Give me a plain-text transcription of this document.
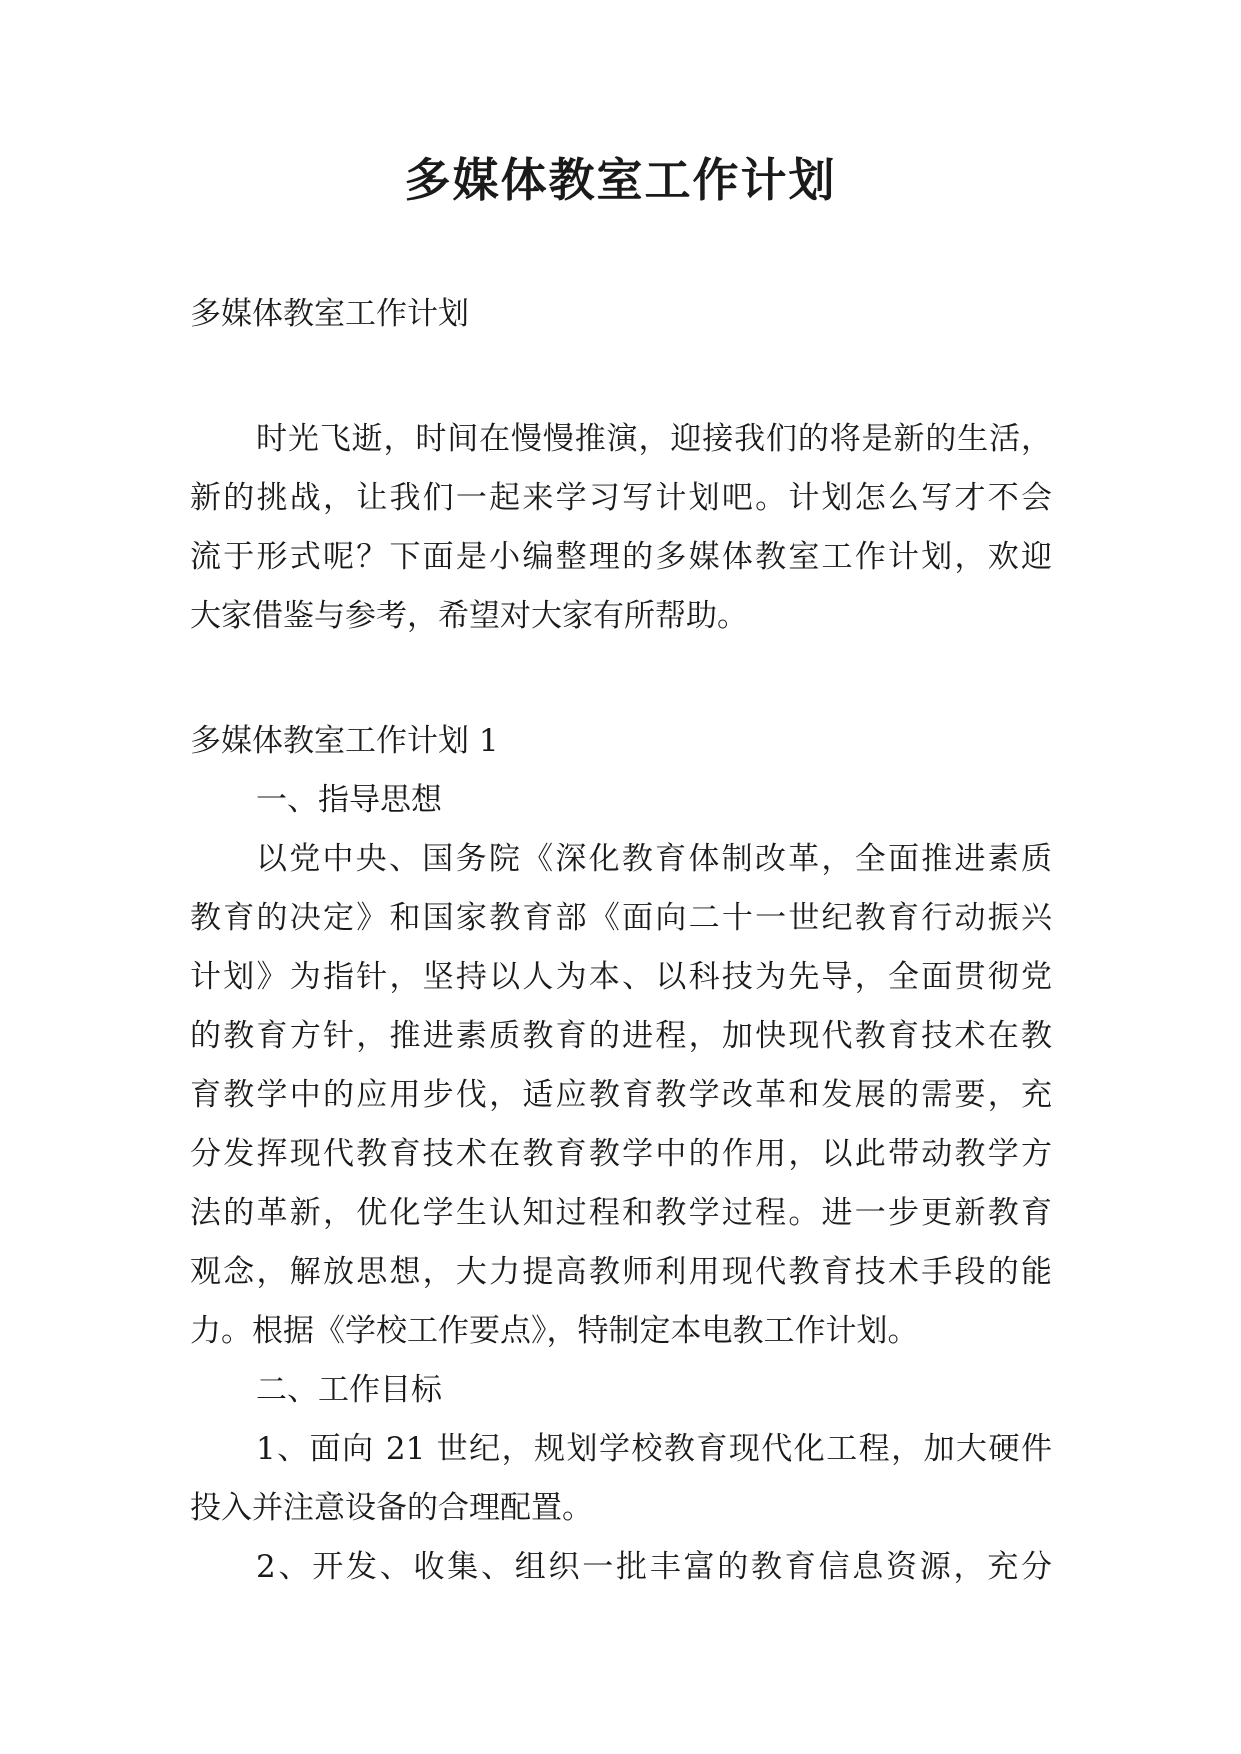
多媒体教室工作计划
多媒体教室工作计划
时光飞逝，时间在慢慢推演，迎接我们的将是新的生活，
新的挑战，让我们一起来学习写计划吧。计划怎么写才不会
流于形式呢？下面是小编整理的多媒体教室工作计划，欢迎
大家借鉴与参考，希望对大家有所帮助。
多媒体教室工作计划 1
一、指导思想
以党中央、国务院《深化教育体制改革，全面推进素质
教育的决定》和国家教育部《面向二十一世纪教育行动振兴
计划》为指针，坚持以人为本、以科技为先导，全面贯彻党
的教育方针，推进素质教育的进程，加快现代教育技术在教
育教学中的应用步伐，适应教育教学改革和发展的需要，充
分发挥现代教育技术在教育教学中的作用，以此带动教学方
法的革新，优化学生认知过程和教学过程。进一步更新教育
观念，解放思想，大力提高教师利用现代教育技术手段的能
力。根据《学校工作要点》，特制定本电教工作计划。
二、工作目标
1、面向 21 世纪，规划学校教育现代化工程，加大硬件
投入并注意设备的合理配置。
2、开发、收集、组织一批丰富的教育信息资源，充分
